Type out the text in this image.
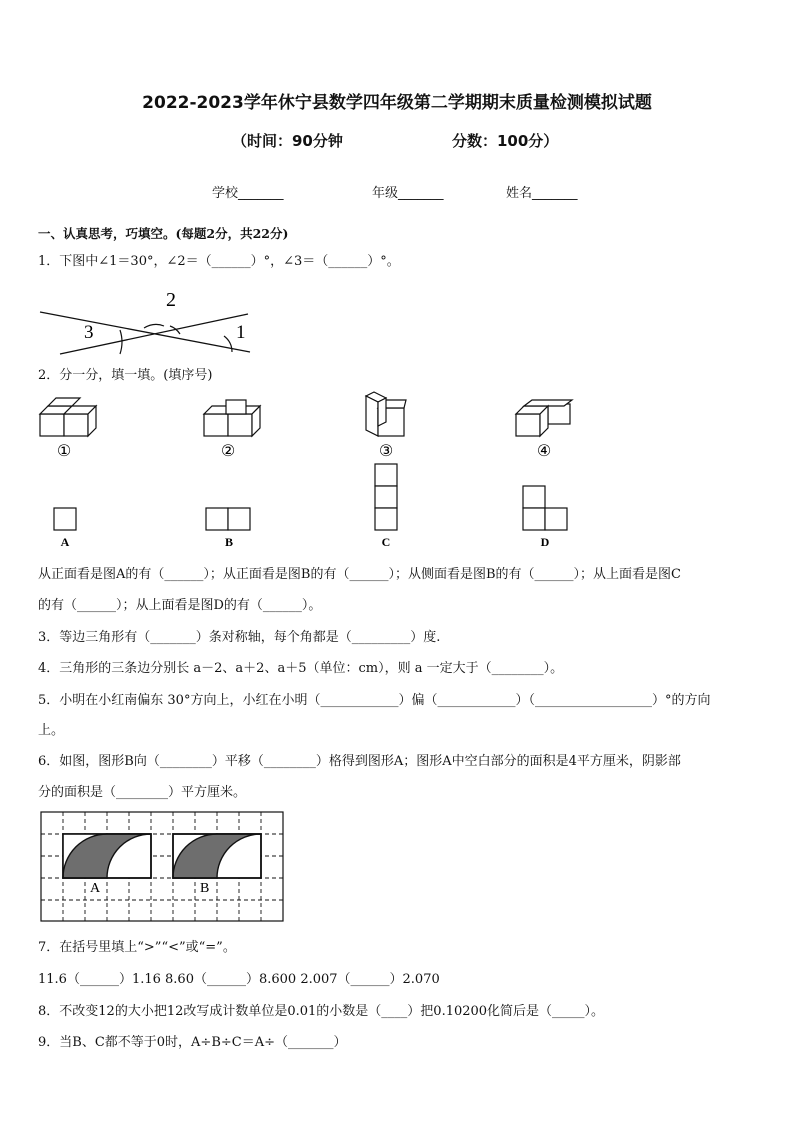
2022-2023学年休宁县数学四年级第二学期期末质量检测模拟试题
（时间：90分钟	分数：100分）
学校_______	年级_______	姓名_______
一、认真思考，巧填空。(每题2分，共22分)
1．下图中∠1＝30°，∠2＝（______）°，∠3＝（______）°。
2
3	1
2．分一分，填一填。(填序号)
①	②	③	④
A	B	C	D
从正面看是图A的有（______）；从正面看是图B的有（______）；从侧面看是图B的有（______）；从上面看是图C
的有（______）；从上面看是图D的有（______）。
3．等边三角形有（_______）条对称轴，每个角都是（_________）度.
4．三角形的三条边分别长 a－2、a＋2、a＋5（单位：cm），则 a 一定大于（________）。
5．小明在小红南偏东 30°方向上，小红在小明（____________）偏（____________）（__________________）°的方向
上。
6．如图，图形B向（________）平移（________）格得到图形A；图形A中空白部分的面积是4平方厘米，阴影部
分的面积是（________）平方厘米。
A	B
7．在括号里填上“>”“<”或“=”。
11.6（______）1.16 8.60（______）8.600 2.007（______）2.070
8．不改变12的大小把12改写成计数单位是0.01的小数是（____）把0.10200化简后是（_____）。
9．当B、C都不等于0时，A÷B÷C＝A÷（_______）
